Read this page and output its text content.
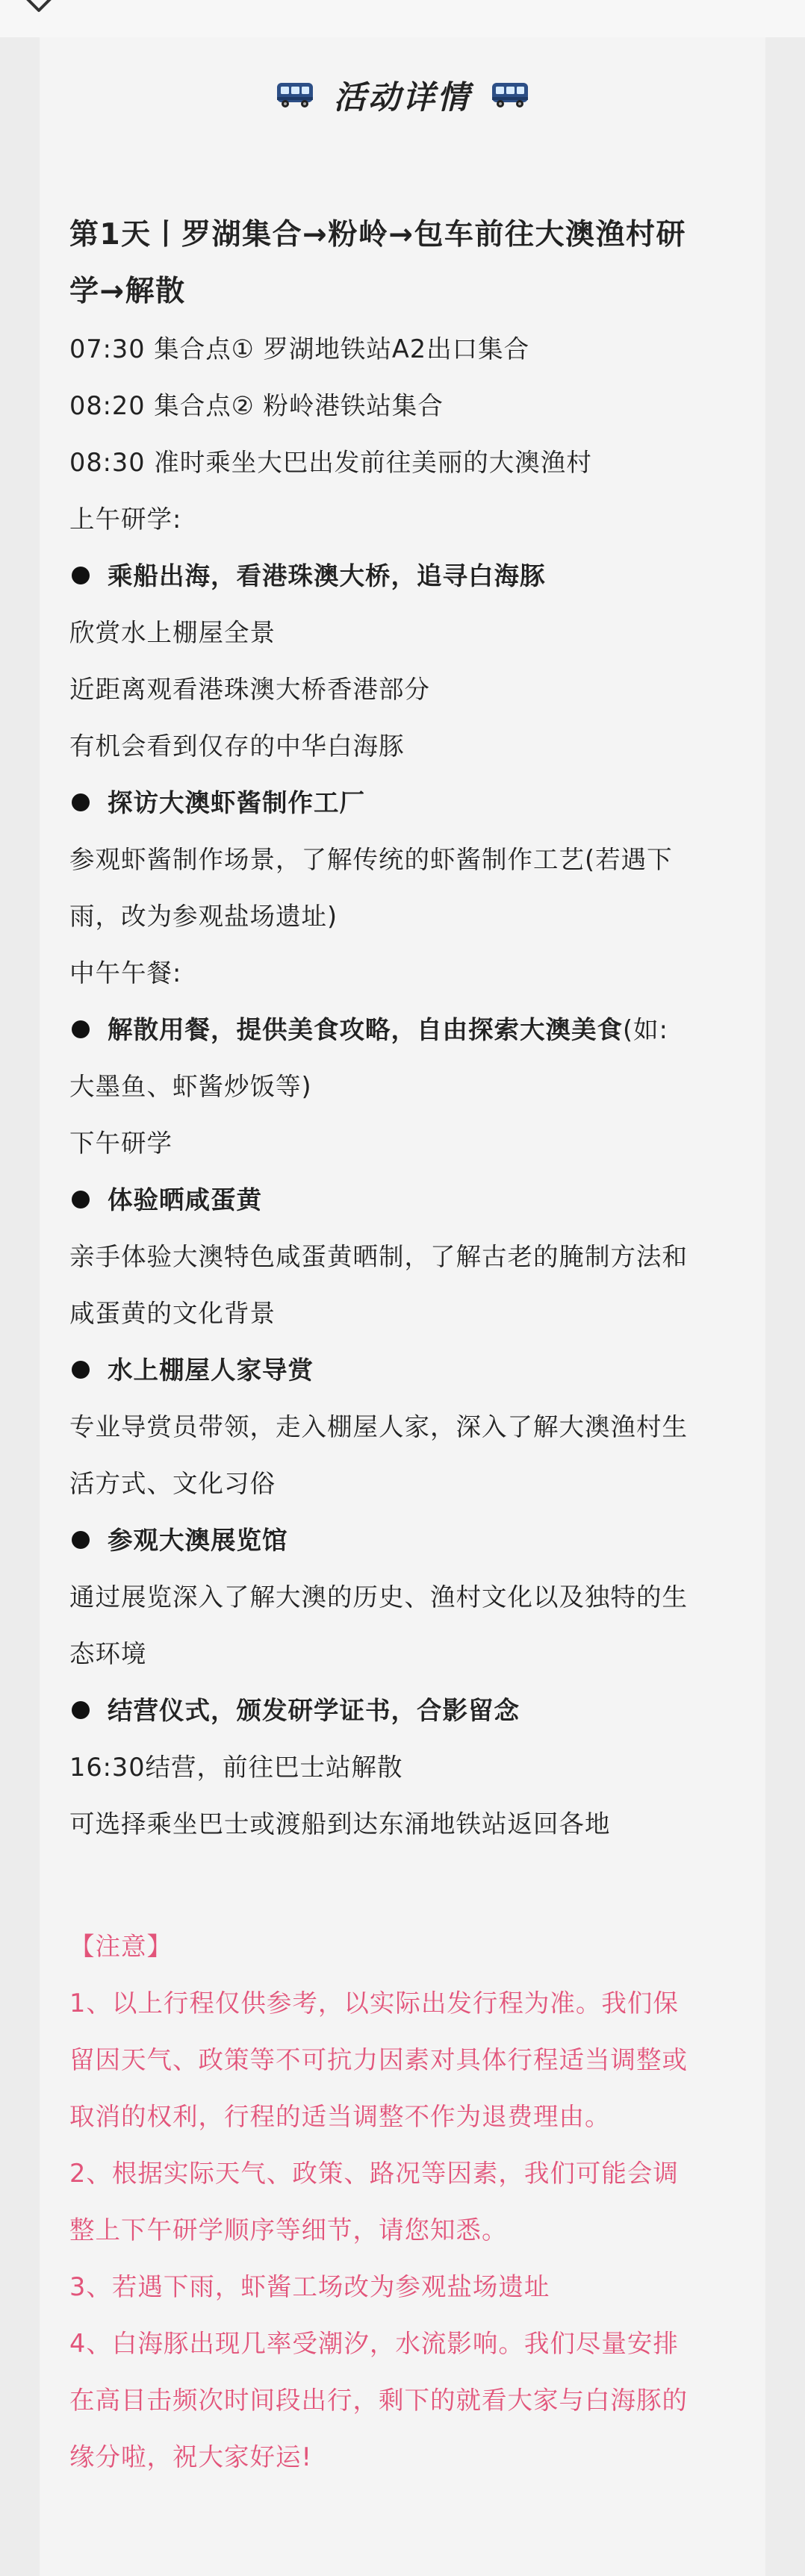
活动详情
第1天丨罗湖集合→粉岭→包车前往大澳渔村研
学→解散
07:30 集合点① 罗湖地铁站A2出口集合
08:20 集合点② 粉岭港铁站集合
08:30 准时乘坐大巴出发前往美丽的大澳渔村
上午研学:
乘船出海，看港珠澳大桥，追寻白海豚
欣赏水上棚屋全景
近距离观看港珠澳大桥香港部分
有机会看到仅存的中华白海豚
探访大澳虾酱制作工厂
参观虾酱制作场景，了解传统的虾酱制作工艺(若遇下
雨，改为参观盐场遗址)
中午午餐:
解散用餐，提供美食攻略，自由探索大澳美食(如:
大墨鱼、虾酱炒饭等)
下午研学
体验晒咸蛋黄
亲手体验大澳特色咸蛋黄晒制，了解古老的腌制方法和
咸蛋黄的文化背景
水上棚屋人家导赏
专业导赏员带领，走入棚屋人家，深入了解大澳渔村生
活方式、文化习俗
参观大澳展览馆
通过展览深入了解大澳的历史、渔村文化以及独特的生
态环境
结营仪式，颁发研学证书，合影留念
16:30结营，前往巴士站解散
可选择乘坐巴士或渡船到达东涌地铁站返回各地
【注意】
1、以上行程仅供参考，以实际出发行程为准。我们保
留因天气、政策等不可抗力因素对具体行程适当调整或
取消的权利，行程的适当调整不作为退费理由。
2、根据实际天气、政策、路况等因素，我们可能会调
整上下午研学顺序等细节，请您知悉。
3、若遇下雨，虾酱工场改为参观盐场遗址
4、白海豚出现几率受潮汐，水流影响。我们尽量安排
在高目击频次时间段出行，剩下的就看大家与白海豚的
缘分啦，祝大家好运!
